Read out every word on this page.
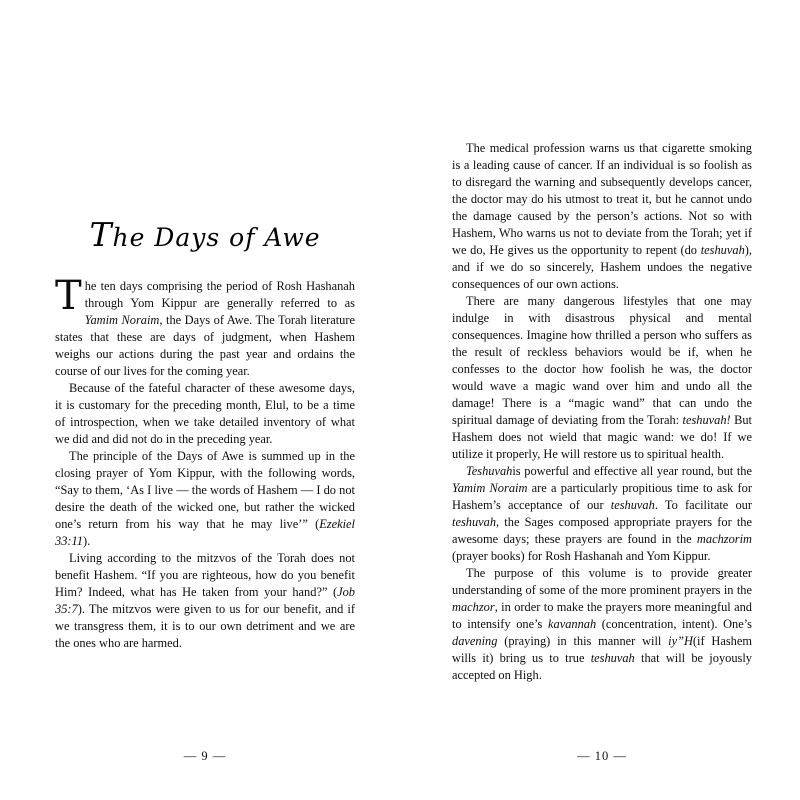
The Days of Awe

The ten days comprising the period of Rosh Hashanah through Yom Kippur are generally referred to as Yamim Noraim, the Days of Awe. The Torah literature states that these are days of judgment, when Hashem weighs our actions during the past year and ordains the course of our lives for the coming year.

Because of the fateful character of these awesome days, it is customary for the preceding month, Elul, to be a time of introspection, when we take detailed inventory of what we did and did not do in the preceding year.

The principle of the Days of Awe is summed up in the closing prayer of Yom Kippur, with the following words, “Say to them, ‘As I live — the words of Hashem — I do not desire the death of the wicked one, but rather the wicked one’s return from his way that he may live’” (Ezekiel 33:11).

Living according to the mitzvos of the Torah does not benefit Hashem. “If you are righteous, how do you benefit Him? Indeed, what has He taken from your hand?” (Job 35:7). The mitzvos were given to us for our benefit, and if we transgress them, it is to our own detriment and we are the ones who are harmed.

— 9 —

The medical profession warns us that cigarette smoking is a leading cause of cancer. If an individual is so foolish as to disregard the warning and subsequently develops cancer, the doctor may do his utmost to treat it, but he cannot undo the damage caused by the person’s actions. Not so with Hashem, Who warns us not to deviate from the Torah; yet if we do, He gives us the opportunity to repent (do teshuvah), and if we do so sincerely, Hashem undoes the negative consequences of our own actions.

There are many dangerous lifestyles that one may indulge in with disastrous physical and mental consequences. Imagine how thrilled a person who suffers as the result of reckless behaviors would be if, when he confesses to the doctor how foolish he was, the doctor would wave a magic wand over him and undo all the damage! There is a “magic wand” that can undo the spiritual damage of deviating from the Torah: teshuvah! But Hashem does not wield that magic wand: we do! If we utilize it properly, He will restore us to spiritual health.

Teshuvahis powerful and effective all year round, but the Yamim Noraim are a particularly propitious time to ask for Hashem’s acceptance of our teshuvah. To facilitate our teshuvah, the Sages composed appropriate prayers for the awesome days; these prayers are found in the machzorim (prayer books) for Rosh Hashanah and Yom Kippur.

The purpose of this volume is to provide greater understanding of some of the more prominent prayers in the machzor, in order to make the prayers more meaningful and to intensify one’s kavannah (concentration, intent). One’s davening (praying) in this manner will iy”H(if Hashem wills it) bring us to true teshuvah that will be joyously accepted on High.

— 10 —
